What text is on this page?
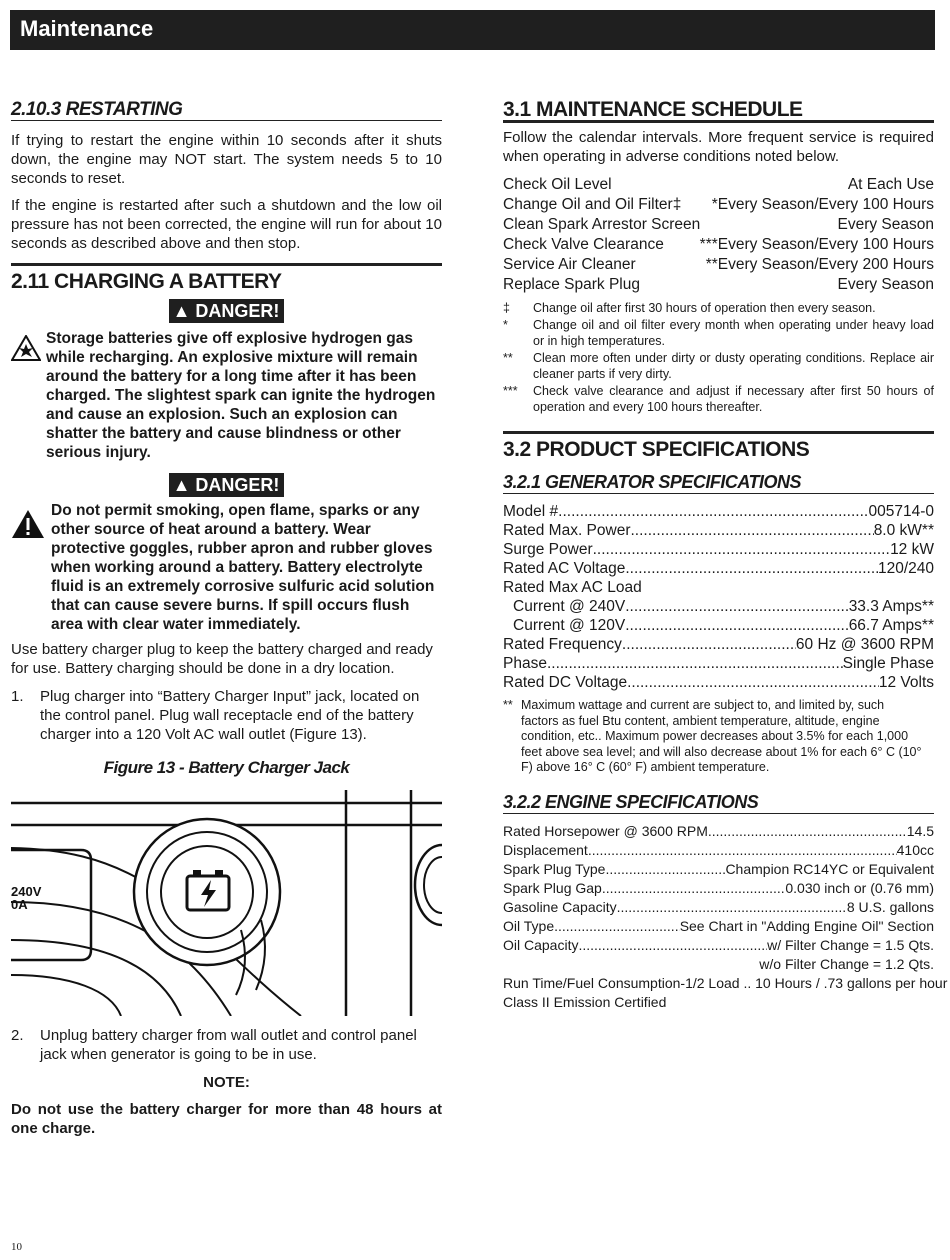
Maintenance
2.10.3 RESTARTING

If trying to restart the engine within 10 seconds after it shuts down, the engine may NOT start. The system needs 5 to 10 seconds to reset.

If the engine is restarted after such a shutdown and the low oil pressure has not been corrected, the engine will run for about 10 seconds as described above and then stop.

2.11 CHARGING A BATTERY
▲ DANGER!
Storage batteries give off explosive hydrogen gas while recharging. An explosive mixture will remain around the battery for a long time after it has been charged. The slightest spark can ignite the hydrogen and cause an explosion. Such an explosion can shatter the battery and cause blindness or other serious injury.
▲ DANGER!
Do not permit smoking, open flame, sparks or any other source of heat around a battery. Wear protective goggles, rubber apron and rubber gloves when working around a battery. Battery electrolyte fluid is an extremely corrosive sulfuric acid solution that can cause severe burns. If spill occurs flush area with clear water immediately.

Use battery charger plug to keep the battery charged and ready for use. Battery charging should be done in a dry location.

1.	Plug charger into “Battery Charger Input” jack, located on the control panel. Plug wall receptacle end of the battery charger into a 120 Volt AC wall outlet (Figure 13).
Figure 13 - Battery Charger Jack
240V
0A
2.	Unplug battery charger from wall outlet and control panel jack when generator is going to be in use.
NOTE:

Do not use the battery charger for more than 48 hours at one charge.

3.1 MAINTENANCE SCHEDULE

Follow the calendar intervals. More frequent service is required when operating in adverse conditions noted below.

Check Oil Level	At Each Use
Change Oil and Oil Filter‡ *Every Season/Every 100 Hours
Clean Spark Arrestor Screen	Every Season
Check Valve Clearance ***Every Season/Every 100 Hours
Service Air Cleaner	**Every Season/Every 200 Hours
Replace Spark Plug	Every Season
‡	Change oil after first 30 hours of operation then every season.
*	Change oil and oil filter every month when operating under heavy load or in high temperatures.
**	Clean more often under dirty or dusty operating conditions. Replace air cleaner parts if very dirty.
***	Check valve clearance and adjust if necessary after first 50 hours of operation and every 100 hours thereafter.
3.2 PRODUCT SPECIFICATIONS
3.2.1 GENERATOR SPECIFICATIONS
Model # .....	005714-0
Rated Max. Power .....	8.0 kW**
Surge Power .....	12 kW
Rated AC Voltage .....	120/240
Rated Max AC Load
Current @ 240V .....	33.3 Amps**
Current @ 120V .....	66.7 Amps**
Rated Frequency .....	60 Hz @ 3600 RPM
Phase .....	Single Phase
Rated DC Voltage .....	12 Volts
** Maximum wattage and current are subject to, and limited by, such factors as fuel Btu content, ambient temperature, altitude, engine condition, etc.. Maximum power decreases about 3.5% for each 1,000 feet above sea level; and will also decrease about 1% for each 6° C (10° F) above 16° C (60° F) ambient temperature.
3.2.2 ENGINE SPECIFICATIONS
Rated Horsepower @ 3600 RPM .....	14.5
Displacement .....	410cc
Spark Plug Type .....	Champion RC14YC or Equivalent
Spark Plug Gap .....	0.030 inch or (0.76 mm)
Gasoline Capacity .....	8 U.S. gallons
Oil Type .....	See Chart in "Adding Engine Oil" Section
Oil Capacity .....	w/ Filter Change = 1.5 Qts.
w/o Filter Change = 1.2 Qts.
Run Time/Fuel Consumption-1/2 Load .. 10 Hours / .73 gallons per hour
Class II Emission Certified
10
